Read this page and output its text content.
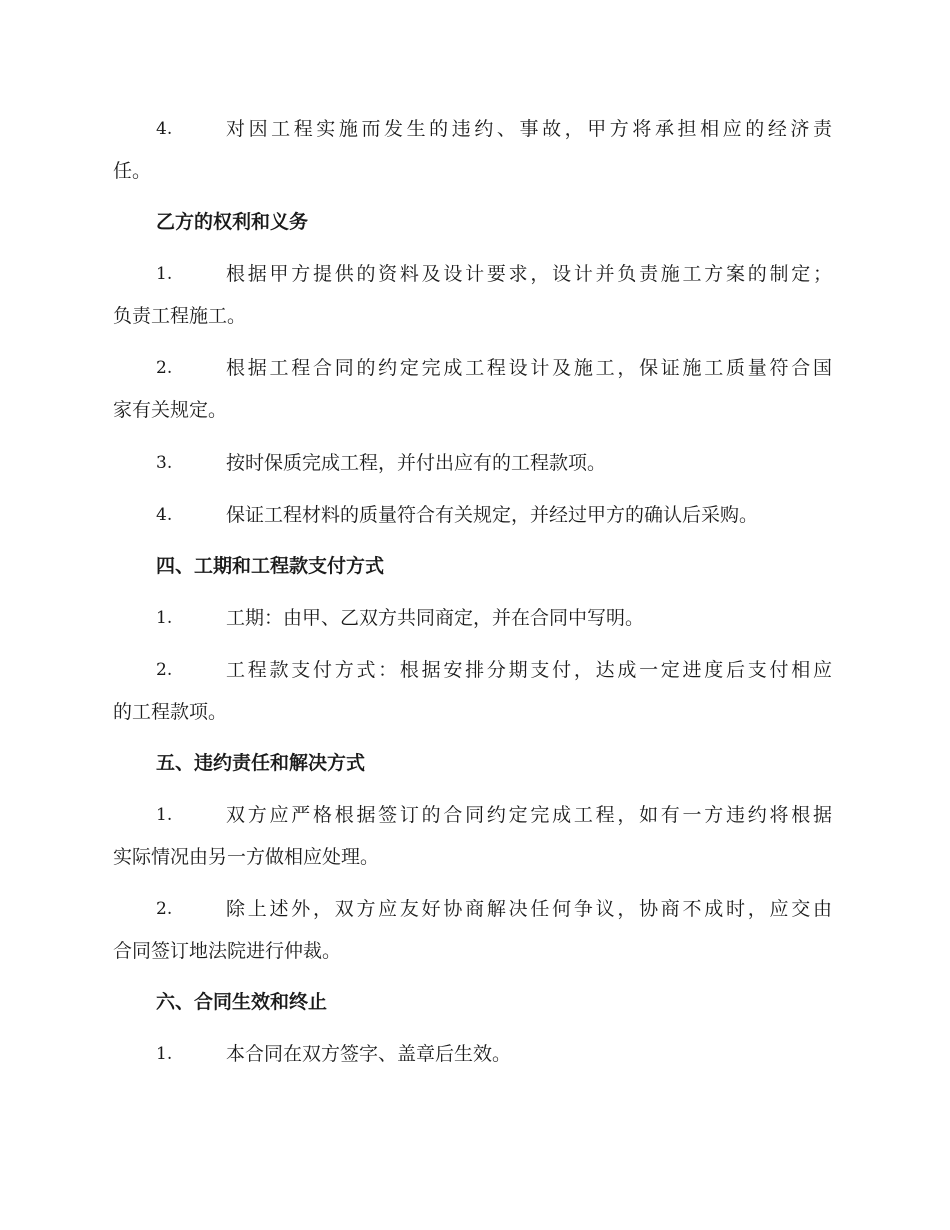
4.	对因工程实施而发生的违约、事故，甲方将承担相应的经济责
任。
乙方的权利和义务
1.	根据甲方提供的资料及设计要求，设计并负责施工方案的制定；
负责工程施工。
2.	根据工程合同的约定完成工程设计及施工，保证施工质量符合国
家有关规定。
3.	按时保质完成工程，并付出应有的工程款项。
4.	保证工程材料的质量符合有关规定，并经过甲方的确认后采购。
四、工期和工程款支付方式
1.	工期：由甲、乙双方共同商定，并在合同中写明。
2.	工程款支付方式：根据安排分期支付，达成一定进度后支付相应
的工程款项。
五、违约责任和解决方式
1.	双方应严格根据签订的合同约定完成工程，如有一方违约将根据
实际情况由另一方做相应处理。
2.	除上述外，双方应友好协商解决任何争议，协商不成时，应交由
合同签订地法院进行仲裁。
六、合同生效和终止
1.	本合同在双方签字、盖章后生效。
